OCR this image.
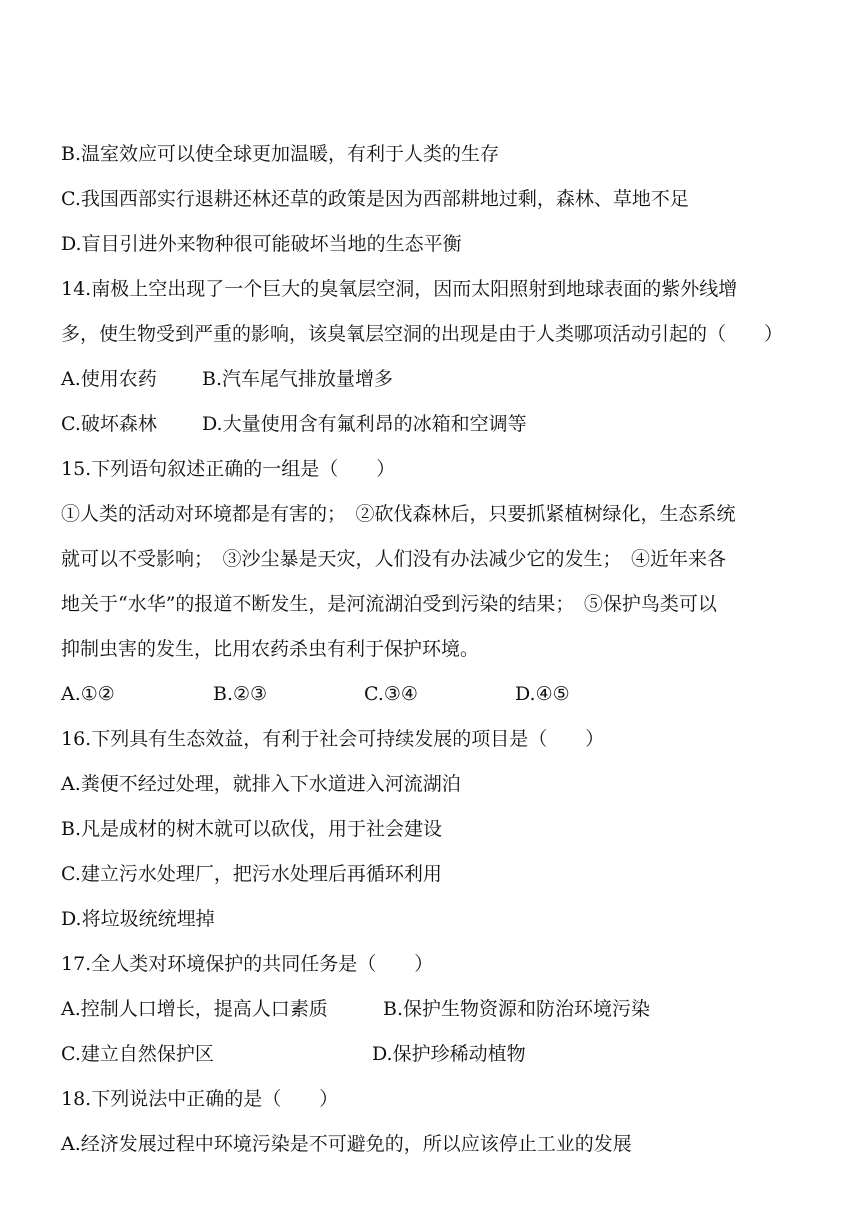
B.温室效应可以使全球更加温暖，有利于人类的生存
C.我国西部实行退耕还林还草的政策是因为西部耕地过剩，森林、草地不足
D.盲目引进外来物种很可能破坏当地的生态平衡
14.南极上空出现了一个巨大的臭氧层空洞，因而太阳照射到地球表面的紫外线增
多，使生物受到严重的影响，该臭氧层空洞的出现是由于人类哪项活动引起的（　　）
A.使用农药 B.汽车尾气排放量增多
C.破坏森林 D.大量使用含有氟利昂的冰箱和空调等
15.下列语句叙述正确的一组是（　　）
①人类的活动对环境都是有害的；　②砍伐森林后，只要抓紧植树绿化，生态系统
就可以不受影响；　③沙尘暴是天灾，人们没有办法减少它的发生；　④近年来各
地关于“水华”的报道不断发生，是河流湖泊受到污染的结果；　⑤保护鸟类可以
抑制虫害的发生，比用农药杀虫有利于保护环境。
A.①②	B.②③	C.③④	D.④⑤
16.下列具有生态效益，有利于社会可持续发展的项目是（　　）
A.粪便不经过处理，就排入下水道进入河流湖泊
B.凡是成材的树木就可以砍伐，用于社会建设
C.建立污水处理厂，把污水处理后再循环利用
D.将垃圾统统埋掉
17.全人类对环境保护的共同任务是（　　）
A.控制人口增长，提高人口素质	B.保护生物资源和防治环境污染
C.建立自然保护区	D.保护珍稀动植物
18.下列说法中正确的是（　　）
A.经济发展过程中环境污染是不可避免的，所以应该停止工业的发展
